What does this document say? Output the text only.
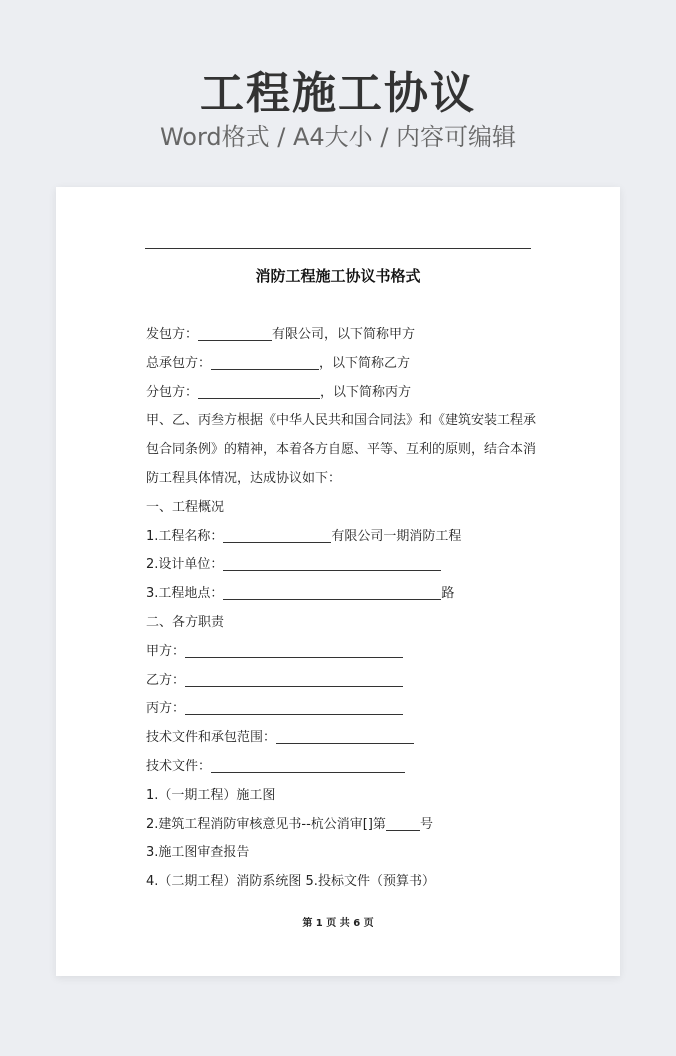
工程施工协议
Word格式 / A4大小 / 内容可编辑
消防工程施工协议书格式
发包方：	有限公司，以下简称甲方
总承包方：	，以下简称乙方
分包方：	，以下简称丙方
甲、乙、丙叁方根据《中华人民共和国合同法》和《建筑安装工程承
包合同条例》的精神，本着各方自愿、平等、互利的原则，结合本消
防工程具体情况，达成协议如下：
一、工程概况
1.工程名称：	有限公司一期消防工程
2.设计单位：
3.工程地点：	路
二、各方职责
甲方：
乙方：
丙方：
技术文件和承包范围：
技术文件：
1.（一期工程）施工图
2.建筑工程消防审核意见书--杭公消审[]第	号
3.施工图审查报告
4.（二期工程）消防系统图 5.投标文件（预算书）
第 1 页 共 6 页
